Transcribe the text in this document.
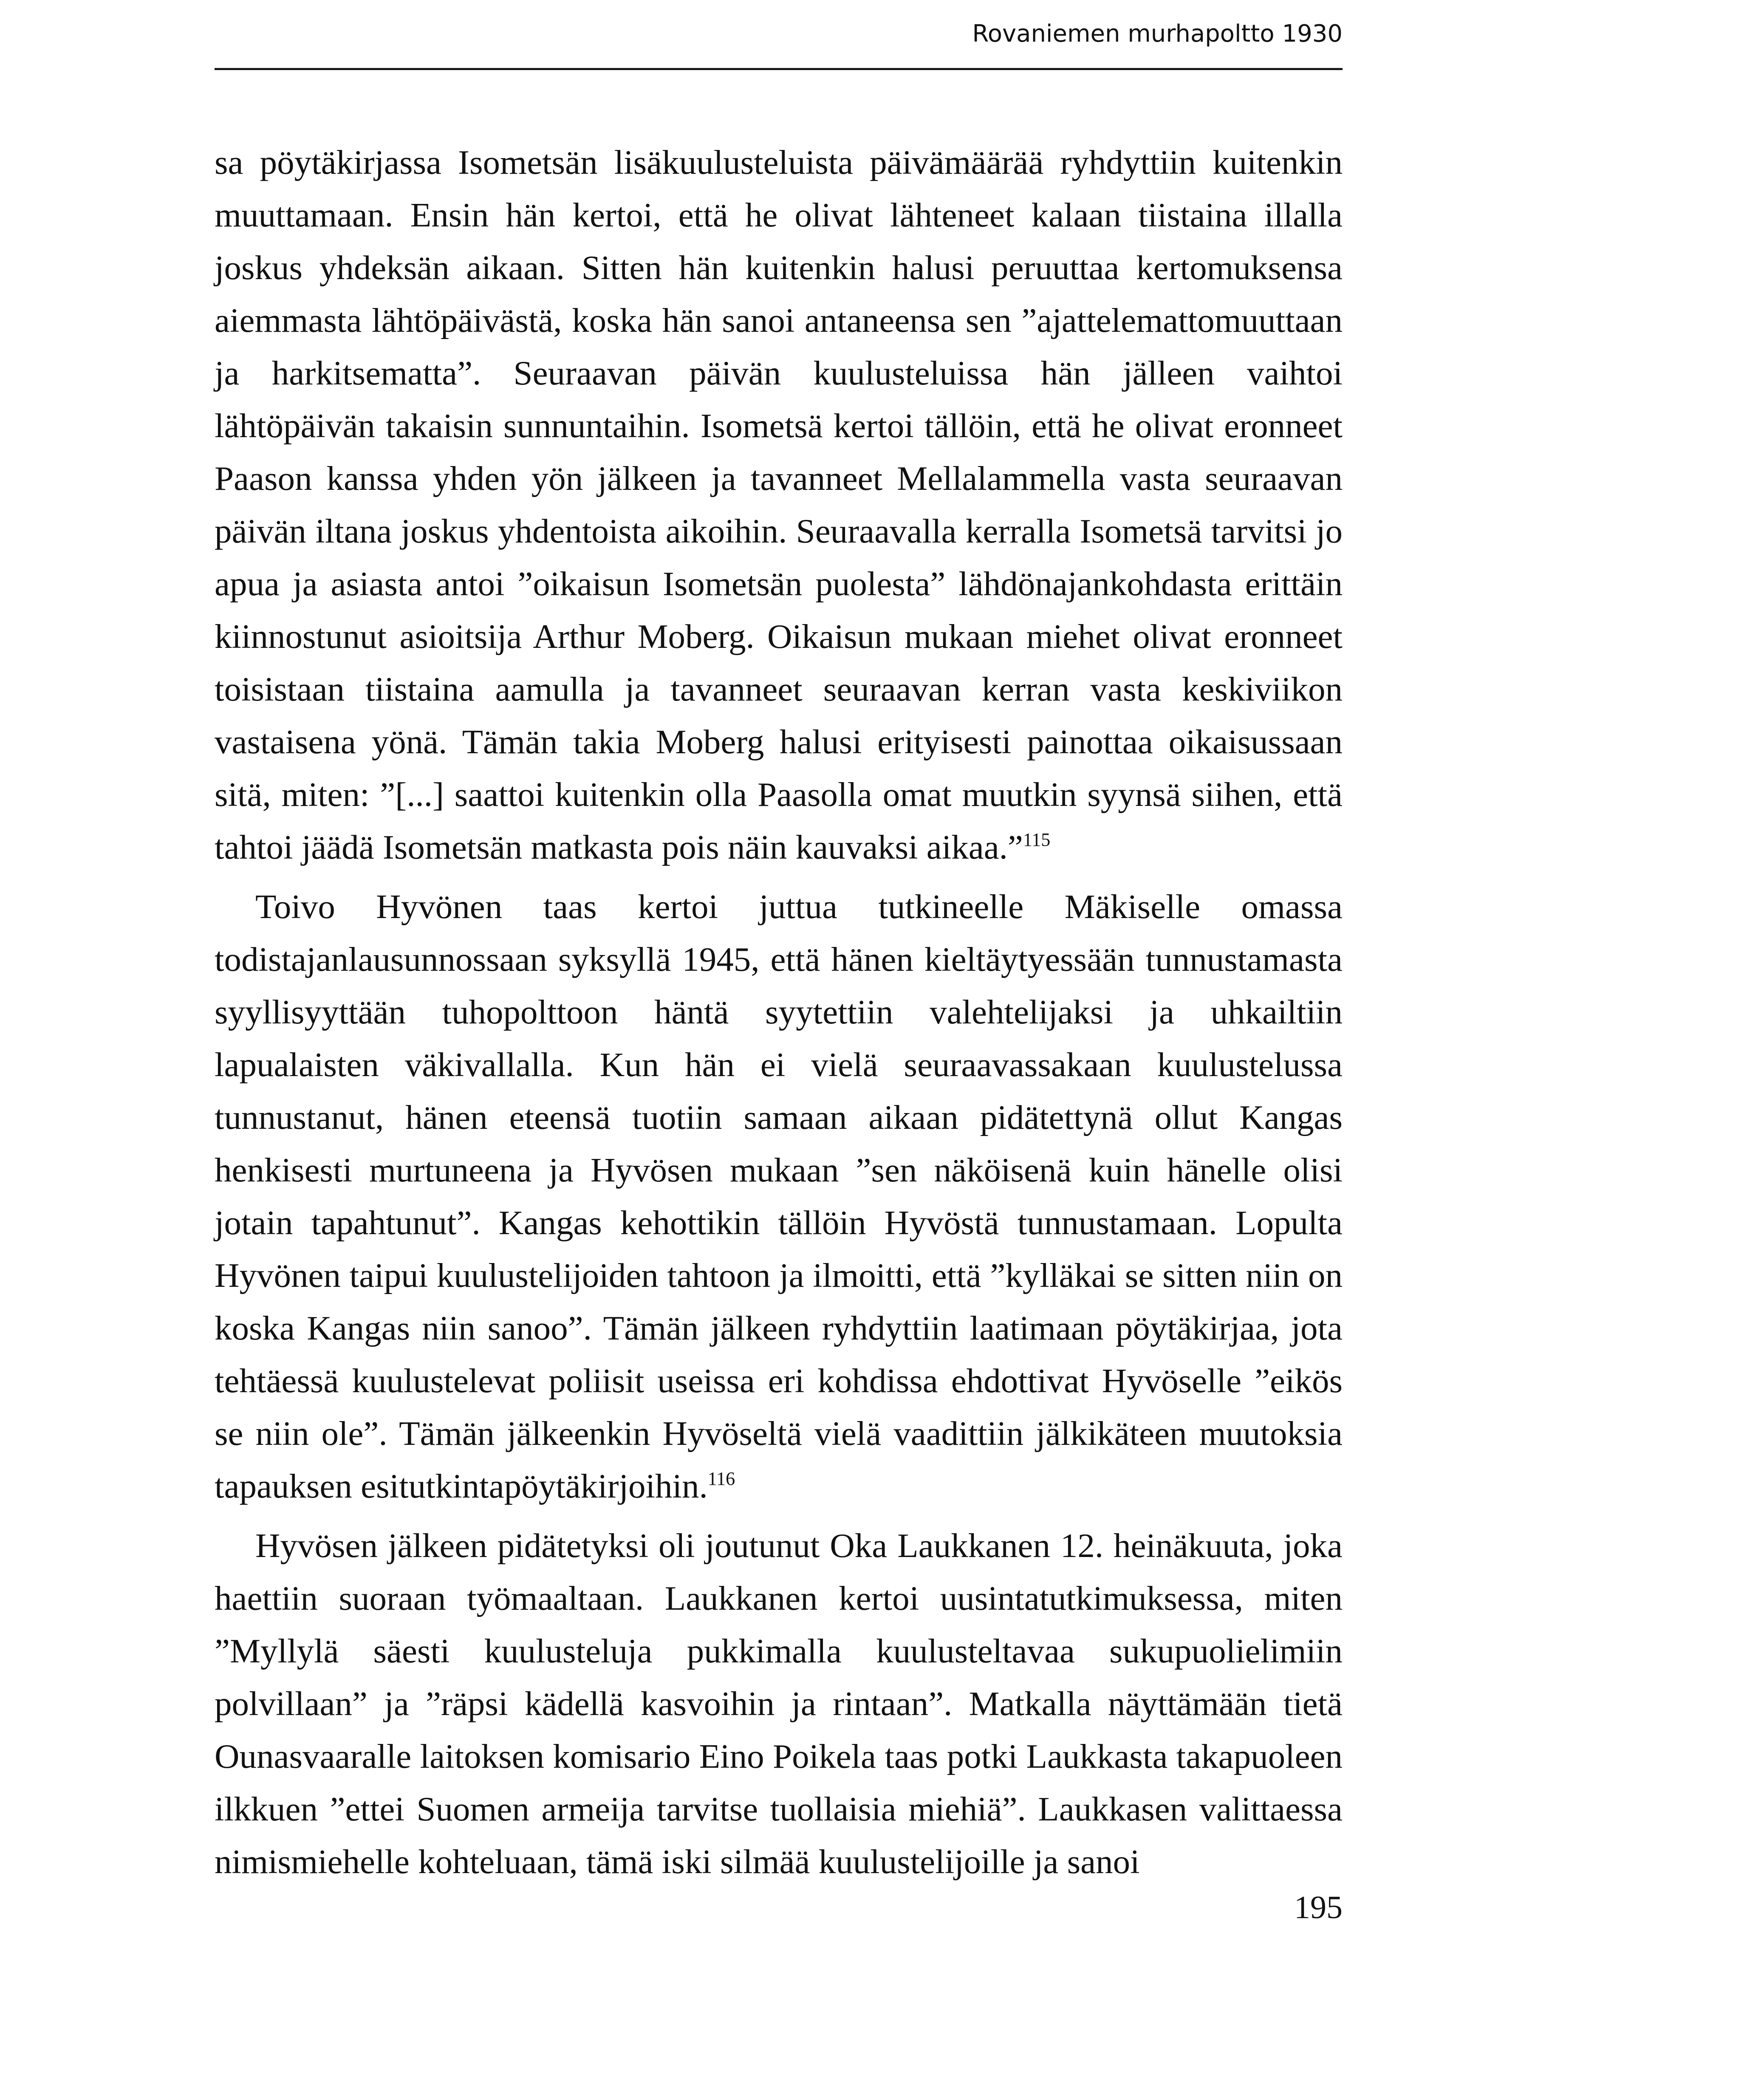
Rovaniemen murhapoltto 1930

sa pöytäkirjassa Isometsän lisäkuulusteluista päivämäärää ryhdyttiin kuitenkin muuttamaan. Ensin hän kertoi, että he olivat lähteneet kalaan tiistaina illalla joskus yhdeksän aikaan. Sitten hän kuitenkin halusi peruuttaa kertomuksensa aiemmasta lähtöpäivästä, koska hän sanoi antaneensa sen ”ajattelemattomuuttaan ja harkitsematta”. Seuraavan päivän kuulusteluissa hän jälleen vaihtoi lähtöpäivän takaisin sunnuntaihin. Isometsä kertoi tällöin, että he olivat eronneet Paason kanssa yhden yön jälkeen ja tavanneet Mellalammella vasta seuraavan päivän iltana joskus yhdentoista aikoihin. Seuraavalla kerralla Isometsä tarvitsi jo apua ja asiasta antoi ”oikaisun Isometsän puolesta” lähdönajankohdasta erittäin kiinnostunut asioitsija Arthur Moberg. Oikaisun mukaan miehet olivat eronneet toisistaan tiistaina aamulla ja tavanneet seuraavan kerran vasta keskiviikon vastaisena yönä. Tämän takia Moberg halusi erityisesti painottaa oikaisussaan sitä, miten: ”[...] saattoi kuitenkin olla Paasolla omat muutkin syynsä siihen, että tahtoi jäädä Isometsän matkasta pois näin kauvaksi aikaa.”$^{115}$

Toivo Hyvönen taas kertoi juttua tutkineelle Mäkiselle omassa todistajanlausunnossaan syksyllä 1945, että hänen kieltäytyessään tunnustamasta syyllisyyttään tuhopolttoon häntä syytettiin valehtelijaksi ja uhkailtiin lapualaisten väkivallalla. Kun hän ei vielä seuraavassakaan kuulustelussa tunnustanut, hänen eteensä tuotiin samaan aikaan pidätettynä ollut Kangas henkisesti murtuneena ja Hyvösen mukaan ”sen näköisenä kuin hänelle olisi jotain tapahtunut”. Kangas kehottikin tällöin Hyvöstä tunnustamaan. Lopulta Hyvönen taipui kuulustelijoiden tahtoon ja ilmoitti, että ”kylläkai se sitten niin on koska Kangas niin sanoo”. Tämän jälkeen ryhdyttiin laatimaan pöytäkirjaa, jota tehtäessä kuulustelevat poliisit useissa eri kohdissa ehdottivat Hyvöselle ”eikös se niin ole”. Tämän jälkeenkin Hyvöseltä vielä vaadittiin jälkikäteen muutoksia tapauksen esitutkintapöytäkirjoihin.$^{116}$

Hyvösen jälkeen pidätetyksi oli joutunut Oka Laukkanen 12. heinäkuuta, joka haettiin suoraan työmaaltaan. Laukkanen kertoi uusintatutkimuksessa, miten ”Myllylä säesti kuulusteluja pukkimalla kuulusteltavaa sukupuolielimiin polvillaan” ja ”räpsi kädellä kasvoihin ja rintaan”. Matkalla näyttämään tietä Ounasvaaralle laitoksen komisario Eino Poikela taas potki Laukkasta takapuoleen ilkkuen ”ettei Suomen armeija tarvitse tuollaisia miehiä”. Laukkasen valittaessa nimismiehelle kohteluaan, tämä iski silmää kuulustelijoille ja sanoi

195
